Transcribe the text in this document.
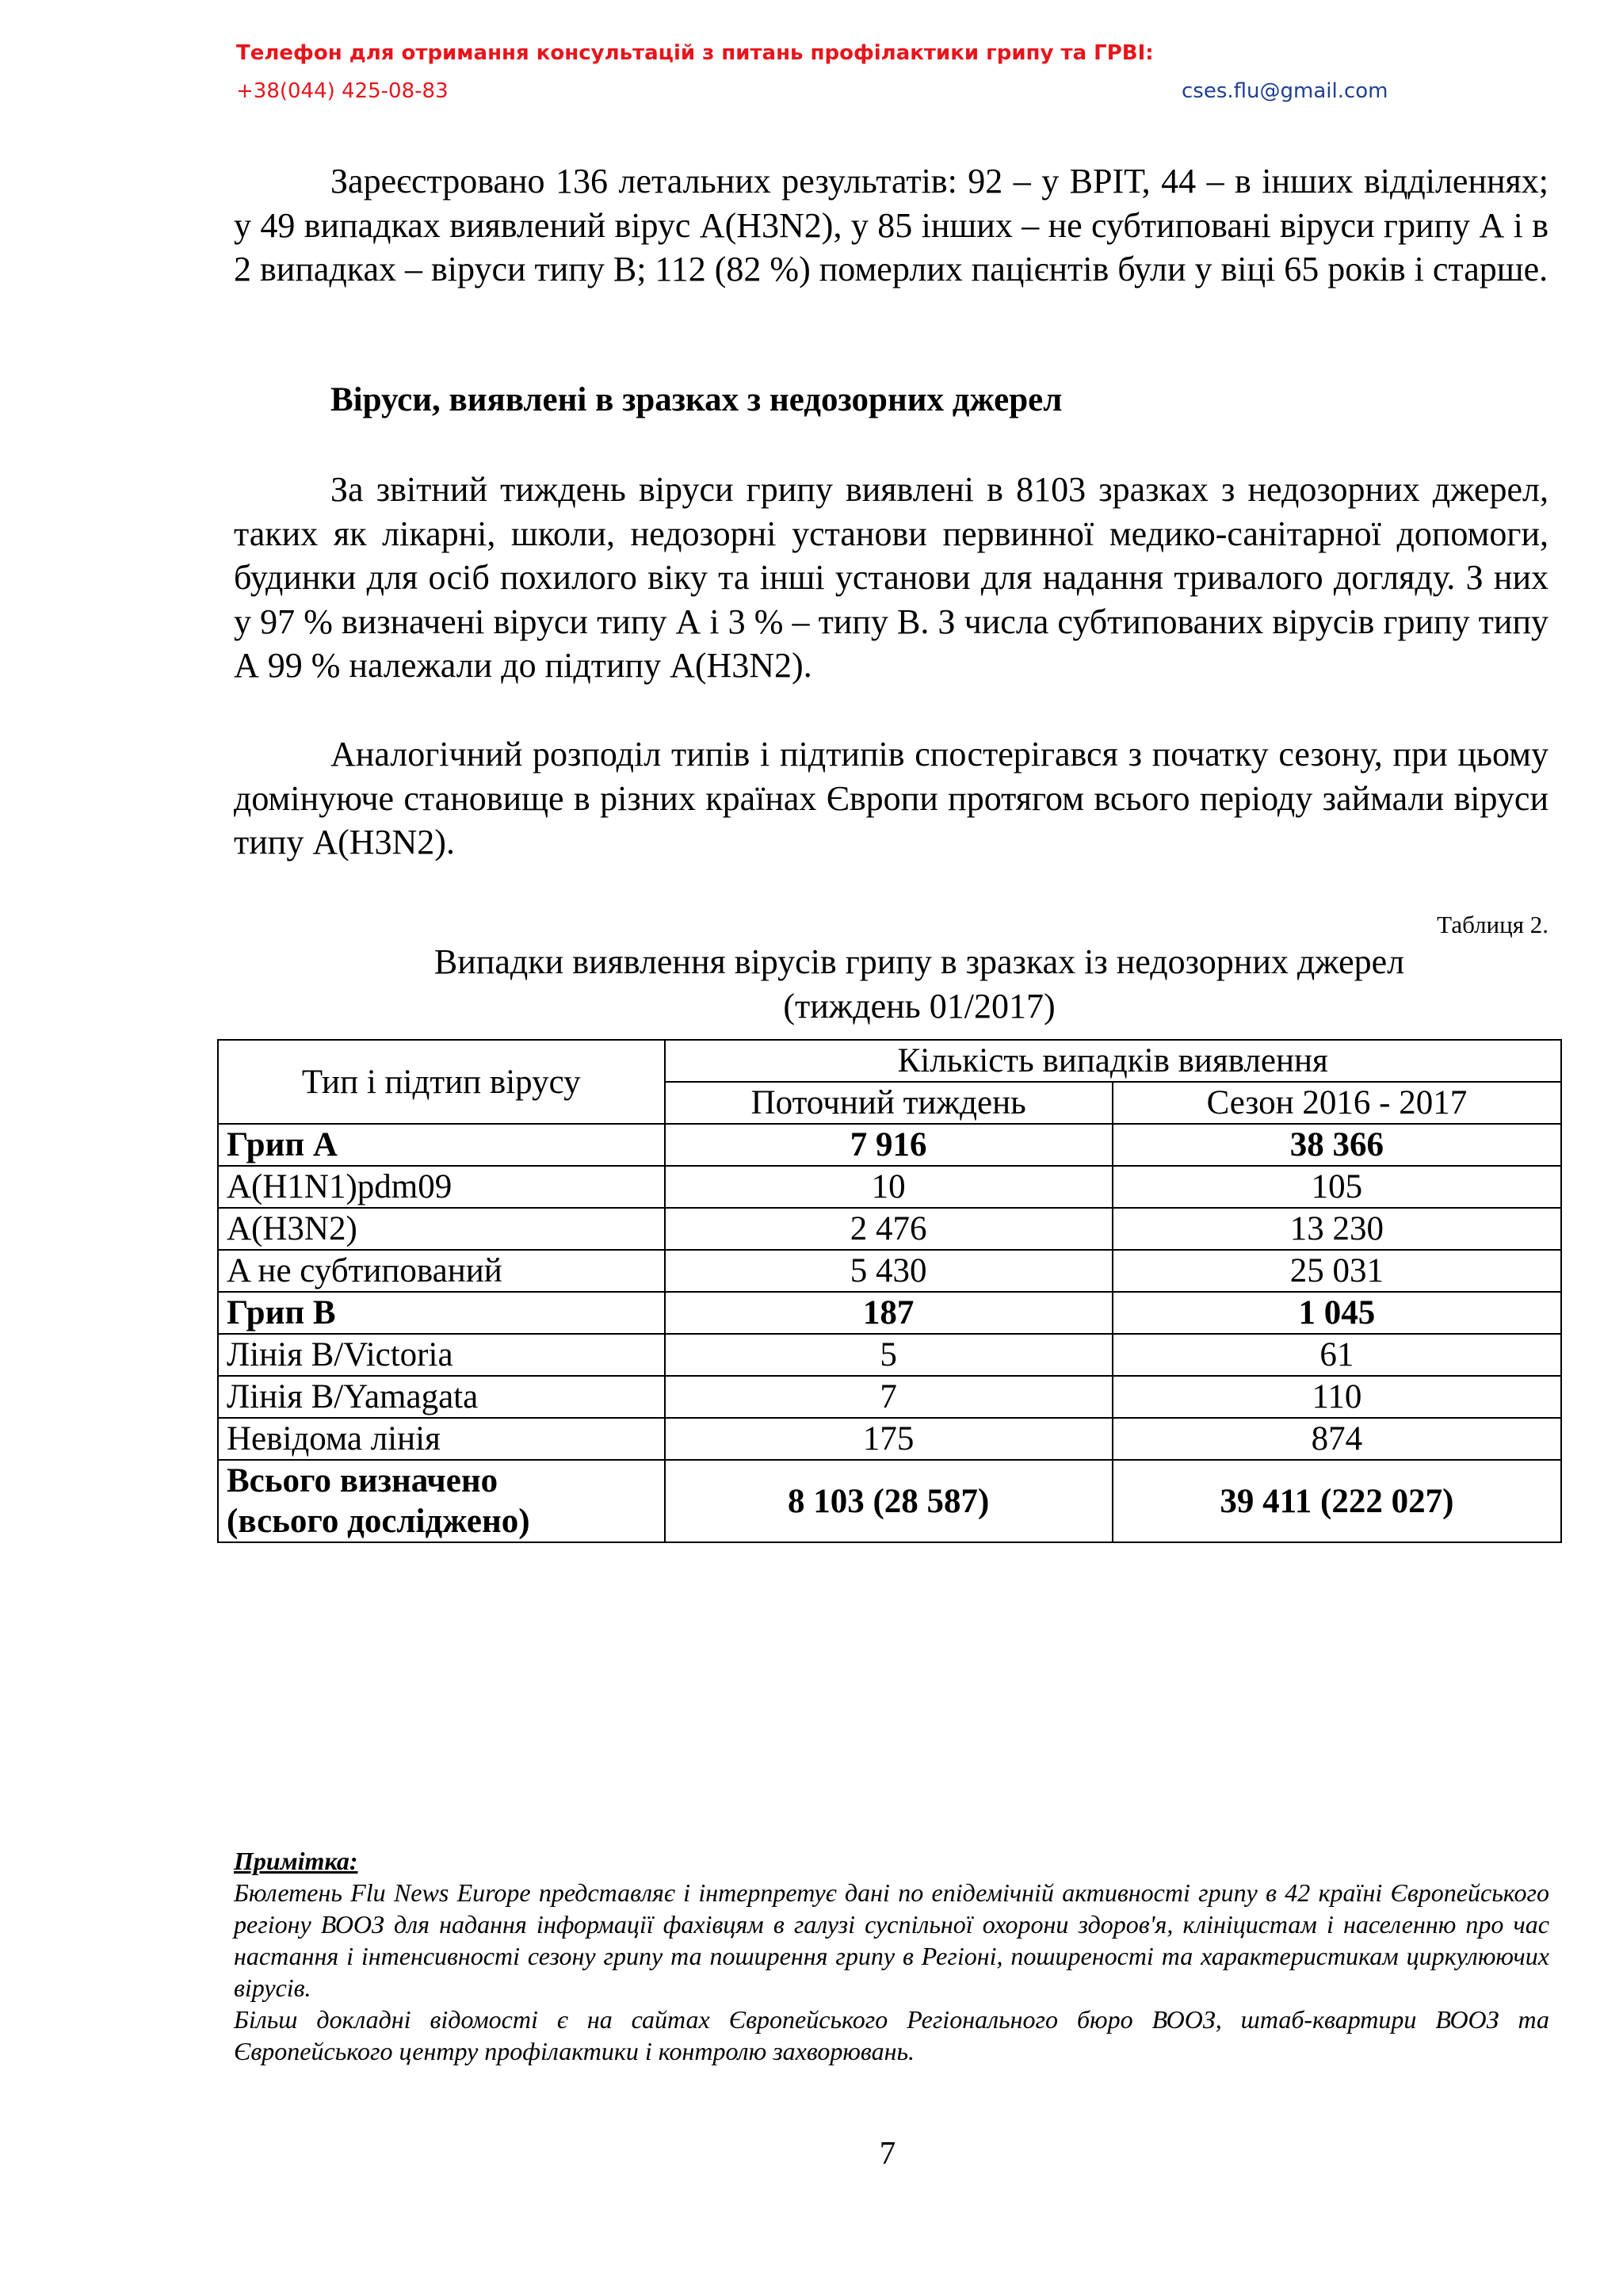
Телефон для отримання консультацій з питань профілактики грипу та ГРВІ:
+38(044) 425-08-83	cses.flu@gmail.com

Зареєстровано 136 летальних результатів: 92 – у ВРІТ, 44 – в інших відділеннях; у 49 випадках виявлений вірус А(H3N2), у 85 інших – не субтиповані віруси грипу А і в 2 випадках – віруси типу В; 112 (82 %) померлих пацієнтів були у віці 65 років і старше.

Віруси, виявлені в зразках з недозорних джерел

За звітний тиждень віруси грипу виявлені в 8103 зразках з недозорних джерел, таких як лікарні, школи, недозорні установи первинної медико-санітарної допомоги, будинки для осіб похилого віку та інші установи для надання тривалого догляду. З них у 97 % визначені віруси типу А і 3 % – типу В. З числа субтипованих вірусів грипу типу А 99 % належали до підтипу А(H3N2).

Аналогічний розподіл типів і підтипів спостерігався з початку сезону, при цьому домінуюче становище в різних країнах Європи протягом всього періоду займали віруси типу А(H3N2).

Таблиця 2.
Випадки виявлення вірусів грипу в зразках із недозорних джерел
(тиждень 01/2017)
Тип і підтип вірусу	Кількість випадків виявлення	
	Поточний тиждень	Сезон 2016 - 2017
Грип А	7 916	38 366
A(H1N1)pdm09	10	105
A(H3N2)	2 476	13 230
A не субтипований	5 430	25 031
Грип В	187	1 045
Лінія B/Victoria	5	61
Лінія B/Yamagata	7	110
Невідома лінія	175	874

Всього визначено
(всього досліджено)	8 103 (28 587)	39 411 (222 027)
Примітка:
Бюлетень Flu News Europe представляє і інтерпретує дані по епідемічній активності грипу в 42 країні Європейського регіону ВООЗ для надання інформації фахівцям в галузі суспільної охорони здоров'я, клініцистам і населенню про час настання і інтенсивності сезону грипу та поширення грипу в Регіоні, поширеності та характеристикам циркулюючих вірусів.
Більш докладні відомості є на сайтах Європейського Регіонального бюро ВООЗ, штаб-квартири ВООЗ та Європейського центру профілактики і контролю захворювань.
7
